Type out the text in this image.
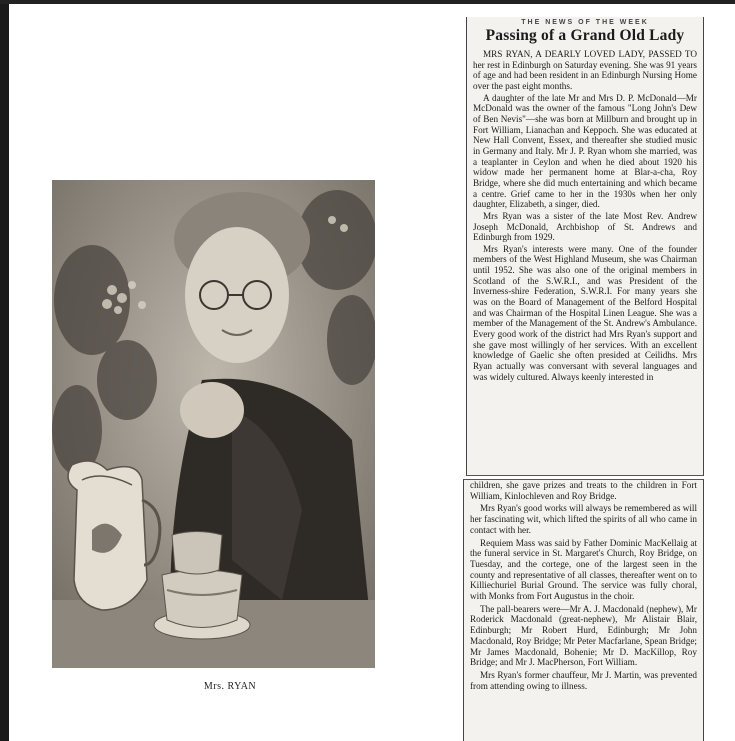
Mrs. RYAN
THE NEWS OF THE WEEK
Passing of a Grand Old Lady

MRS RYAN, A DEARLY LOVED LADY, PASSED TO her rest in Edinburgh on Saturday evening. She was 91 years of age and had been resident in an Edinburgh Nursing Home over the past eight months.

A daughter of the late Mr and Mrs D. P. McDonald—Mr McDonald was the owner of the famous "Long John's Dew of Ben Nevis"—she was born at Millburn and brought up in Fort William, Lianachan and Keppoch. She was educated at New Hall Convent, Essex, and thereafter she studied music in Germany and Italy. Mr J. P. Ryan whom she married, was a teaplanter in Ceylon and when he died about 1920 his widow made her permanent home at Blar-a-cha, Roy Bridge, where she did much entertaining and which became a centre. Grief came to her in the 1930s when her only daughter, Elizabeth, a singer, died.

Mrs Ryan was a sister of the late Most Rev. Andrew Joseph McDonald, Archbishop of St. Andrews and Edinburgh from 1929.

Mrs Ryan's interests were many. One of the founder members of the West Highland Museum, she was Chairman until 1952. She was also one of the original members in Scotland of the S.W.R.I., and was President of the Inverness-shire Federation, S.W.R.I. For many years she was on the Board of Management of the Belford Hospital and was Chairman of the Hospital Linen League. She was a member of the Management of the St. Andrew's Ambulance. Every good work of the district had Mrs Ryan's support and she gave most willingly of her services. With an excellent knowledge of Gaelic she often presided at Ceilidhs. Mrs Ryan actually was conversant with several languages and was widely cultured. Always keenly interested in

children, she gave prizes and treats to the children in Fort William, Kinlochleven and Roy Bridge.

Mrs Ryan's good works will always be remembered as will her fascinating wit, which lifted the spirits of all who came in contact with her.

Requiem Mass was said by Father Dominic MacKellaig at the funeral service in St. Margaret's Church, Roy Bridge, on Tuesday, and the cortege, one of the largest seen in the county and representative of all classes, thereafter went on to Killiechuriel Burial Ground. The service was fully choral, with Monks from Fort Augustus in the choir.

The pall-bearers were—Mr A. J. Macdonald (nephew), Mr Roderick Macdonald (great-nephew), Mr Alistair Blair, Edinburgh; Mr Robert Hurd, Edinburgh; Mr John Macdonald, Roy Bridge; Mr Peter Macfarlane, Spean Bridge; Mr James Macdonald, Bohenie; Mr D. MacKillop, Roy Bridge; and Mr J. MacPherson, Fort William.

Mrs Ryan's former chauffeur, Mr J. Martin, was prevented from attending owing to illness.
